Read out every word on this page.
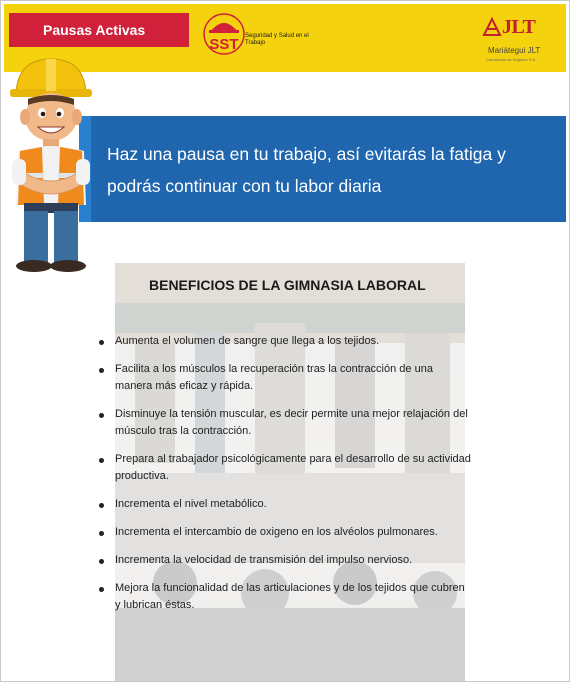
Pausas Activas
SST Seguridad y Salud en el Trabajo
JLT
Mariátegui JLT
Corredores de Seguros S.A.
Haz una pausa en tu trabajo, así evitarás la fatiga y podrás continuar con tu labor diaria
BENEFICIOS DE LA GIMNASIA LABORAL
Aumenta el volumen de sangre que llega a los tejidos.
Facilita a los músculos la recuperación tras la contracción de una manera más eficaz y rápida.
Disminuye la tensión muscular, es decir permite una mejor relajación del músculo tras la contracción.
Prepara al trabajador psicológicamente para el desarrollo de su actividad productiva.
Incrementa el nivel metabólico.
Incrementa el intercambio de oxigeno en los alvéolos pulmonares.
Incrementa la velocidad de transmisión del impulso nervioso.
Mejora la funcionalidad de las articulaciones y de los tejidos que cubren y lubrican éstas.
